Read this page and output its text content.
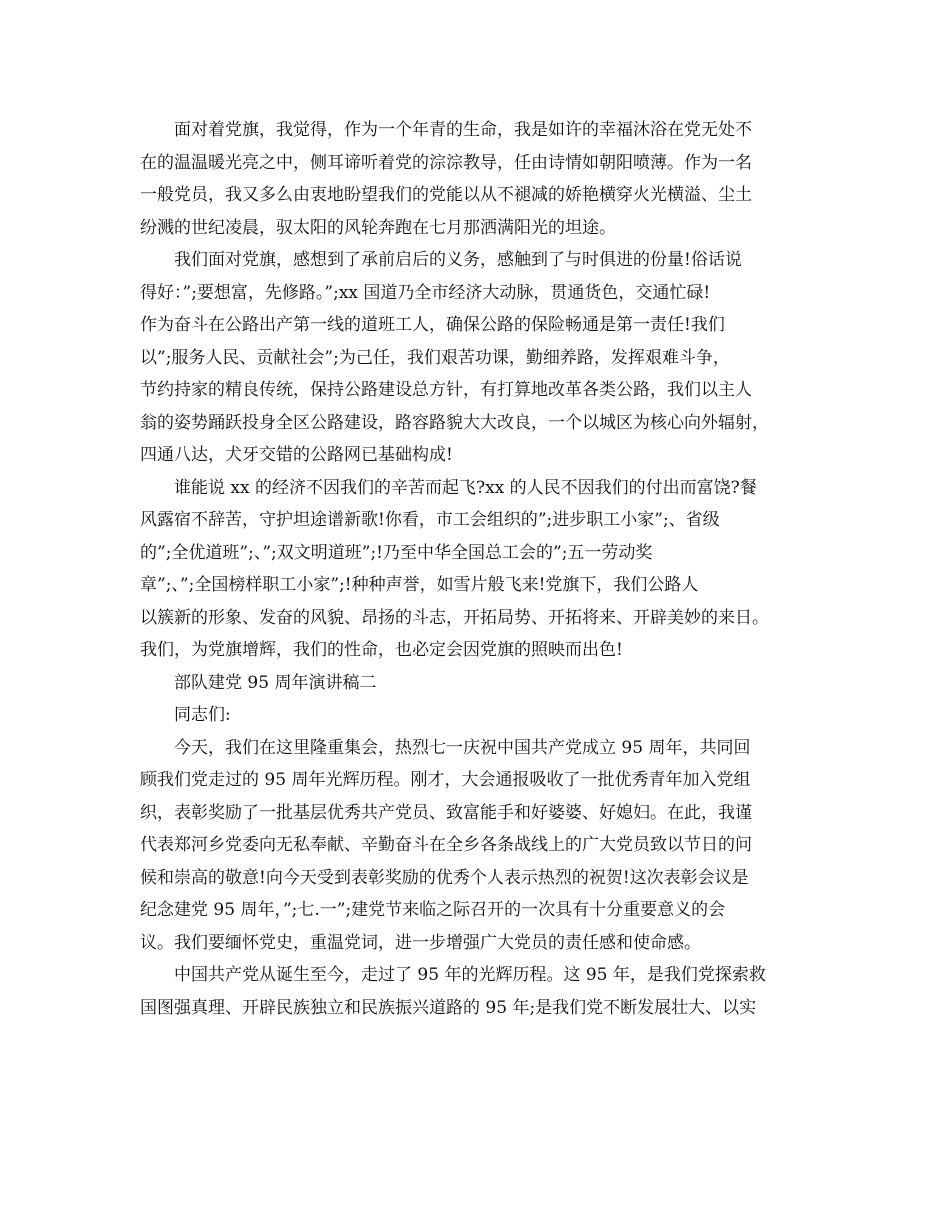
面对着党旗，我觉得，作为一个年青的生命，我是如许的幸福沐浴在党无处不
在的温温暖光亮之中，侧耳谛听着党的淙淙教导，任由诗情如朝阳喷薄。作为一名
一般党员，我又多么由衷地盼望我们的党能以从不褪减的娇艳横穿火光横溢、尘土
纷溅的世纪凌晨，驭太阳的风轮奔跑在七月那洒满阳光的坦途。
我们面对党旗，感想到了承前启后的义务，感触到了与时俱进的份量!俗话说
得好：”;要想富，先修路。”;xx 国道乃全市经济大动脉，贯通货色，交通忙碌!
作为奋斗在公路出产第一线的道班工人，确保公路的保险畅通是第一责任!我们
以”;服务人民、贡献社会”;为己任，我们艰苦功课，勤细养路，发挥艰难斗争，
节约持家的精良传统，保持公路建设总方针，有打算地改革各类公路，我们以主人
翁的姿势踊跃投身全区公路建设，路容路貌大大改良，一个以城区为核心向外辐射，
四通八达，犬牙交错的公路网已基础构成!
谁能说 xx 的经济不因我们的辛苦而起飞?xx 的人民不因我们的付出而富饶?餐
风露宿不辞苦，守护坦途谱新歌!你看，市工会组织的”;进步职工小家”;、省级
的”;全优道班”;、”;双文明道班”;!乃至中华全国总工会的”;五一劳动奖
章”;、”;全国榜样职工小家”;!种种声誉，如雪片般飞来!党旗下，我们公路人
以簇新的形象、发奋的风貌、昂扬的斗志，开拓局势、开拓将来、开辟美妙的来日。
我们，为党旗增辉，我们的性命，也必定会因党旗的照映而出色!
部队建党 95 周年演讲稿二
同志们:
今天，我们在这里隆重集会，热烈七一庆祝中国共产党成立 95 周年，共同回
顾我们党走过的 95 周年光辉历程。刚才，大会通报吸收了一批优秀青年加入党组
织，表彰奖励了一批基层优秀共产党员、致富能手和好婆婆、好媳妇。在此，我谨
代表郑河乡党委向无私奉献、辛勤奋斗在全乡各条战线上的广大党员致以节日的问
候和崇高的敬意!向今天受到表彰奖励的优秀个人表示热烈的祝贺!这次表彰会议是
纪念建党 95 周年，”;七.一”;建党节来临之际召开的一次具有十分重要意义的会
议。我们要缅怀党史，重温党词，进一步增强广大党员的责任感和使命感。
中国共产党从诞生至今，走过了 95 年的光辉历程。这 95 年，是我们党探索救
国图强真理、开辟民族独立和民族振兴道路的 95 年;是我们党不断发展壮大、以实
